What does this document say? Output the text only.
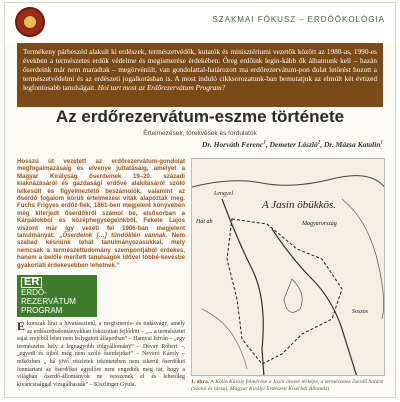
SZAKMAI FÓKUSZ – ERDŐÖKOLÓGIA
Termékeny párbeszéd alakult ki erdészek, természetvédők, kutatók és minisztériumi vezetők között az 1980-as, 1990-es években a természetes erdők védelme és megismerése érdekében. Őreg erdőink legin-kább ők álhatnunk kell – hazán őserdeink már nem maradtak – megörvénült, van gondolattal-határozott ma erdőrezervátum-pon dolat letörést hozott a természetvédelmi és az erdészeti jogalkotásban is. A most induló cikksorozatunk-ban bemutatjuk az elmúlt két évtized legfontosabb tanulságait. Hol tart most az Erdőrezervátum Program?
Az erdőrezervátum-eszme története
Értelmezések, törekvések és fordulatok
Dr. Horváth Ferenc$^1$, Demeter László$^2$, Dr. Mázsa Katalin$^1$
Hosszú út vezetett az erdőrezervátum-gondolat megfogalmazásáig és elvenye juttatásáig, amelyet a Magyar Királyság őserdeinek 19–20. századi kiaknázásáról és gazdasági erdővé alakításáról szóló lelkesült és figyelmeztető beszámolók, valamint az őserdő fogalom körüli értelmezési viták alapoztak meg. Fuchs Frigyes erdőz-fiék, 1861-ben megjelent könyvében még kiterjedt őserdőkről számol be, elsősorban a Kárpátokból és középhegységeinkből. Fekete Lajos viszont már így vezeti fel 1906-ban megjelent tanulmányát: „Őserdeink […] tündöklén vannak. Nem szabad késnünk tehát tanulmányozásukkal, mely nemcsak a természettudomány szempontjából érdekes, hanem a belőle merített tanulságok idővel többé-kevésbé gyakorlati érdekesebben lehetnek.”
ER
ERDŐ-
REZERVÁTUM
PROGRAM
E korszak lírai a hivatásszintű, a megismerés- és tudásvágy, amely az erdészettudományokban fokozottan fejlődött – „... a természetet saját erejéből lehet nem bolygatott állapotban” – Hamvai István – „egy természetes hely a legnagyobb tölgyállomány” – Dévay Róbert –, „egyedi és újból még nem szóló őserdejeket” – Neveró Károly – miközben „ ha jövő részletek tekintetében nem sikerül őserdőket fenntartani az őserdőket egyelőre nem engedték meg rat, hogy a világban őserdő-állományok ne vesszenek el és lehetőleg kíváncsisággal vizsgálhassák” – Kiszlinger Gyula.
A Jasin öbükkös.
Lengyel
Hát ab	Magyarország
Soszos
1. ábra. A Kolin Károly felmérése a Jasin övezet térképe, a természetes őserdő határa (Szalai és társai, Magyar Királyi Erdészeti Kísérleti Állomás)
